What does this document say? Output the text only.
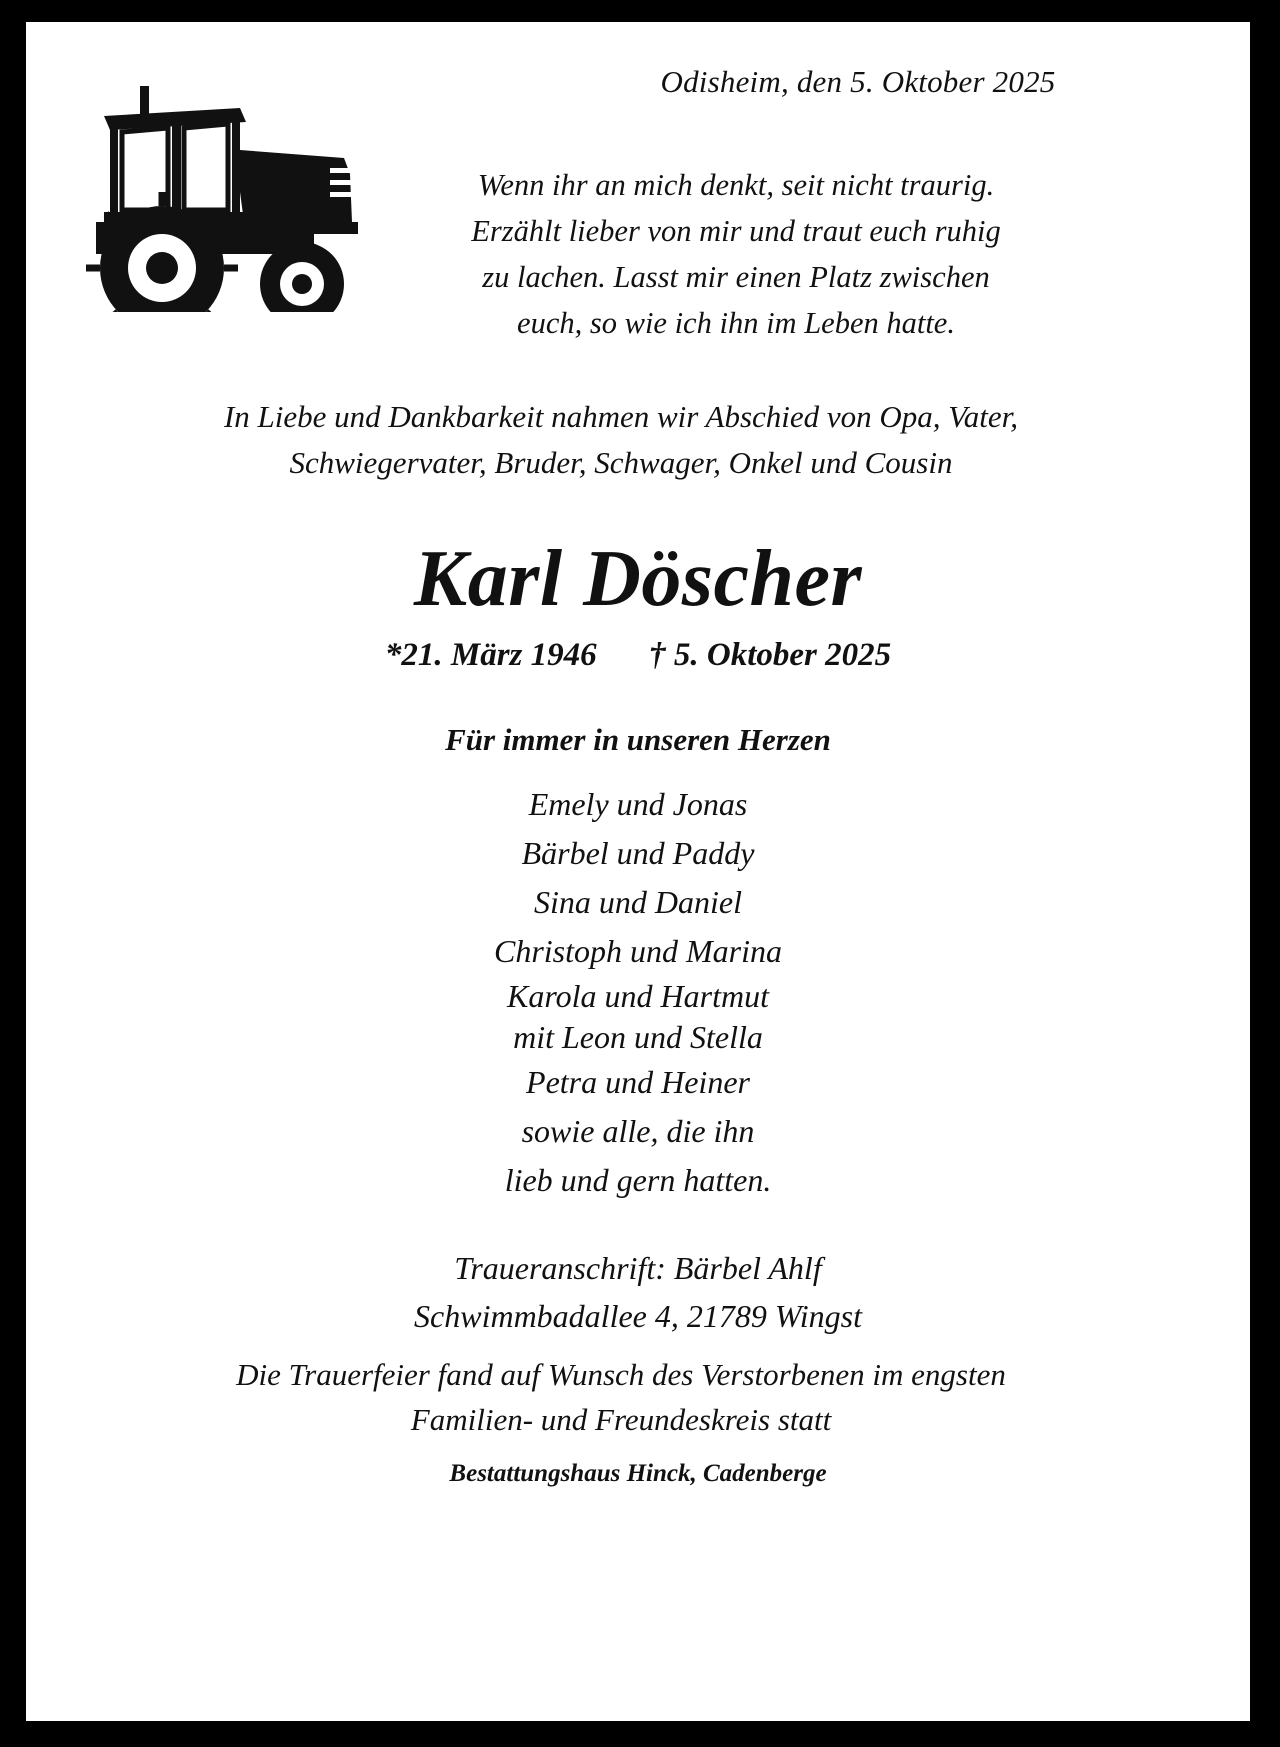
Odisheim, den 5. Oktober 2025
Wenn ihr an mich denkt, seit nicht traurig.
Erzählt lieber von mir und traut euch ruhig
zu lachen. Lasst mir einen Platz zwischen
euch, so wie ich ihn im Leben hatte.
In Liebe und Dankbarkeit nahmen wir Abschied von Opa, Vater,
Schwiegervater, Bruder, Schwager, Onkel und Cousin
Karl Döscher
*21. März 1946 † 5. Oktober 2025
Für immer in unseren Herzen
Emely und Jonas
Bärbel und Paddy
Sina und Daniel
Christoph und Marina
Karola und Hartmut
mit Leon und Stella
Petra und Heiner
sowie alle, die ihn
lieb und gern hatten.
Traueranschrift: Bärbel Ahlf
Schwimmbadallee 4, 21789 Wingst
Die Trauerfeier fand auf Wunsch des Verstorbenen im engsten
Familien- und Freundeskreis statt
Bestattungshaus Hinck, Cadenberge
